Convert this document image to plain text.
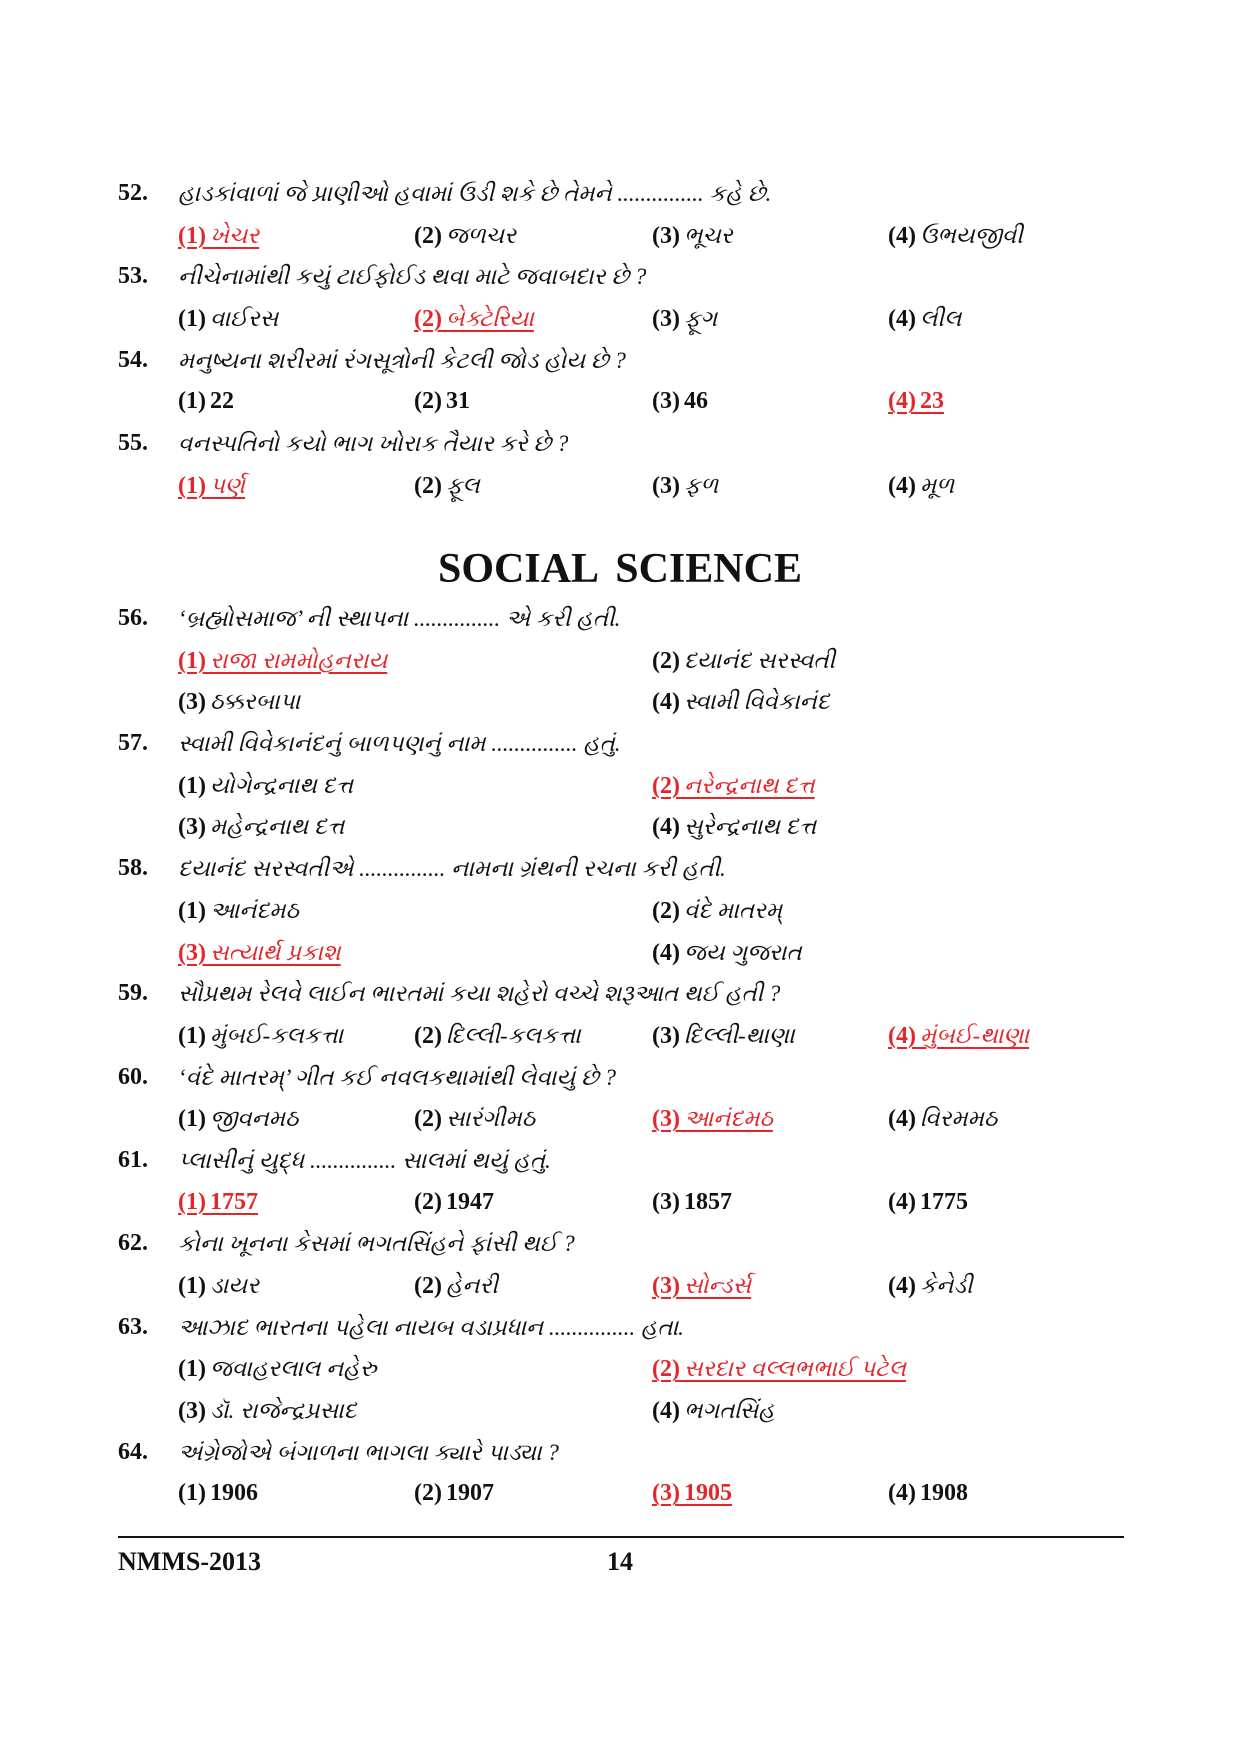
52. હાડકાંવાળાં જે પ્રાણીઓ હવામાં ઉડી શકે છે તેમને ............... કહે છે.
(1) ખેચર	(2) જળચર	(3) ભૂચર	(4) ઉભયજીવી
53. નીચેનામાંથી કયું ટાઈફોઈડ થવા માટે જવાબદાર છે ?
(1) વાઈરસ	(2) બેક્ટેરિયા	(3) ફૂગ	(4) લીલ
54. મનુષ્યના શરીરમાં રંગસૂત્રોની કેટલી જોડ હોય છે ?
(1) 22	(2) 31	(3) 46	(4) 23
55. વનસ્પતિનો કયો ભાગ ખોરાક તૈયાર કરે છે ?
(1) પર્ણ	(2) ફૂલ	(3) ફળ	(4) મૂળ
SOCIAL SCIENCE
56. ‘બ્રહ્મોસમાજ’ ની સ્થાપના ............... એ કરી હતી.
(1) રાજા રામમોહનરાય	(2) દયાનંદ સરસ્વતી
(3) ઠક્કરબાપા	(4) સ્વામી વિવેકાનંદ
57. સ્વામી વિવેકાનંદનું બાળપણનું નામ ............... હતું.
(1) યોગેન્દ્રનાથ દત્ત	(2) નરેન્દ્રનાથ દત્ત
(3) મહેન્દ્રનાથ દત્ત	(4) સુરેન્દ્રનાથ દત્ત
58. દયાનંદ સરસ્વતીએ ............... નામના ગ્રંથની રચના કરી હતી.
(1) આનંદમઠ	(2) વંદે માતરમ્
(3) સત્યાર્થ પ્રકાશ	(4) જય ગુજરાત
59. સૌપ્રથમ રેલવે લાઈન ભારતમાં કયા શહેરો વચ્ચે શરૂઆત થઈ હતી ?
(1) મુંબઈ-કલકત્તા	(2) દિલ્લી-કલકત્તા	(3) દિલ્લી-થાણા	(4) મુંબઈ-થાણા
60. ‘વંદે માતરમ્’ ગીત કઈ નવલકથામાંથી લેવાયું છે ?
(1) જીવનમઠ	(2) સારંગીમઠ	(3) આનંદમઠ	(4) વિરમમઠ
61. પ્લાસીનું યુદ્ધ ............... સાલમાં થયું હતું.
(1) 1757	(2) 1947	(3) 1857	(4) 1775
62. કોના ખૂનના કેસમાં ભગતસિંહને ફાંસી થઈ ?
(1) ડાયર	(2) હેનરી	(3) સોન્ડર્સ	(4) કેનેડી
63. આઝાદ ભારતના પહેલા નાયબ વડાપ્રધાન ............... હતા.
(1) જવાહરલાલ નહેરુ	(2) સરદાર વલ્લભભાઈ પટેલ
(3) ડૉ. રાજેન્દ્રપ્રસાદ	(4) ભગતસિંહ
64. અંગ્રેજોએ બંગાળના ભાગલા ક્યારે પાડ્યા ?
(1) 1906	(2) 1907	(3) 1905	(4) 1908
NMMS-2013	14
